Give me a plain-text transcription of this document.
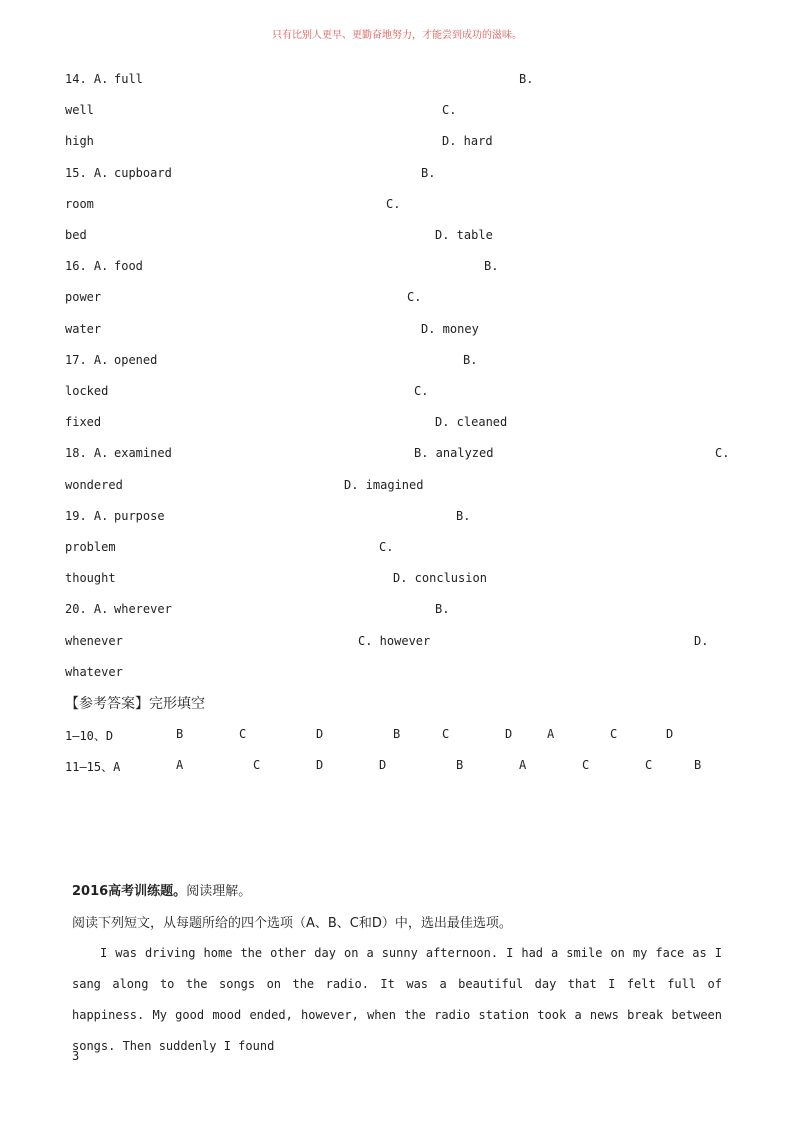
只有比别人更早、更勤奋地努力，才能尝到成功的滋味。
14. A. full	B.
well	C.
high	D. hard
15. A. cupboard	B.
room	C.
bed	D. table
16. A. food	B.
power	C.
water	D. money
17. A. opened	B.
locked	C.
fixed	D. cleaned
18. A. examined	B. analyzed	C.
wondered	D. imagined
19. A. purpose	B.
problem	C.
thought	D. conclusion
20. A. wherever	B.
whenever	C. however	D.
whatever
【参考答案】完形填空
1—10、D	B	C	D	B	C	D	A	C	D
11—15、A	A	C	D	D	B	A	C	C	B
2016高考训练题。阅读理解。
阅读下列短文，从每题所给的四个选项（A、B、C和D）中，选出最佳选项。

I was driving home the other day on a sunny afternoon. I had a smile on my face as I sang along to the songs on the radio. It was a beautiful day that I felt full of happiness. My good mood ended, however, when the radio station took a news break between songs. Then suddenly I found

3
